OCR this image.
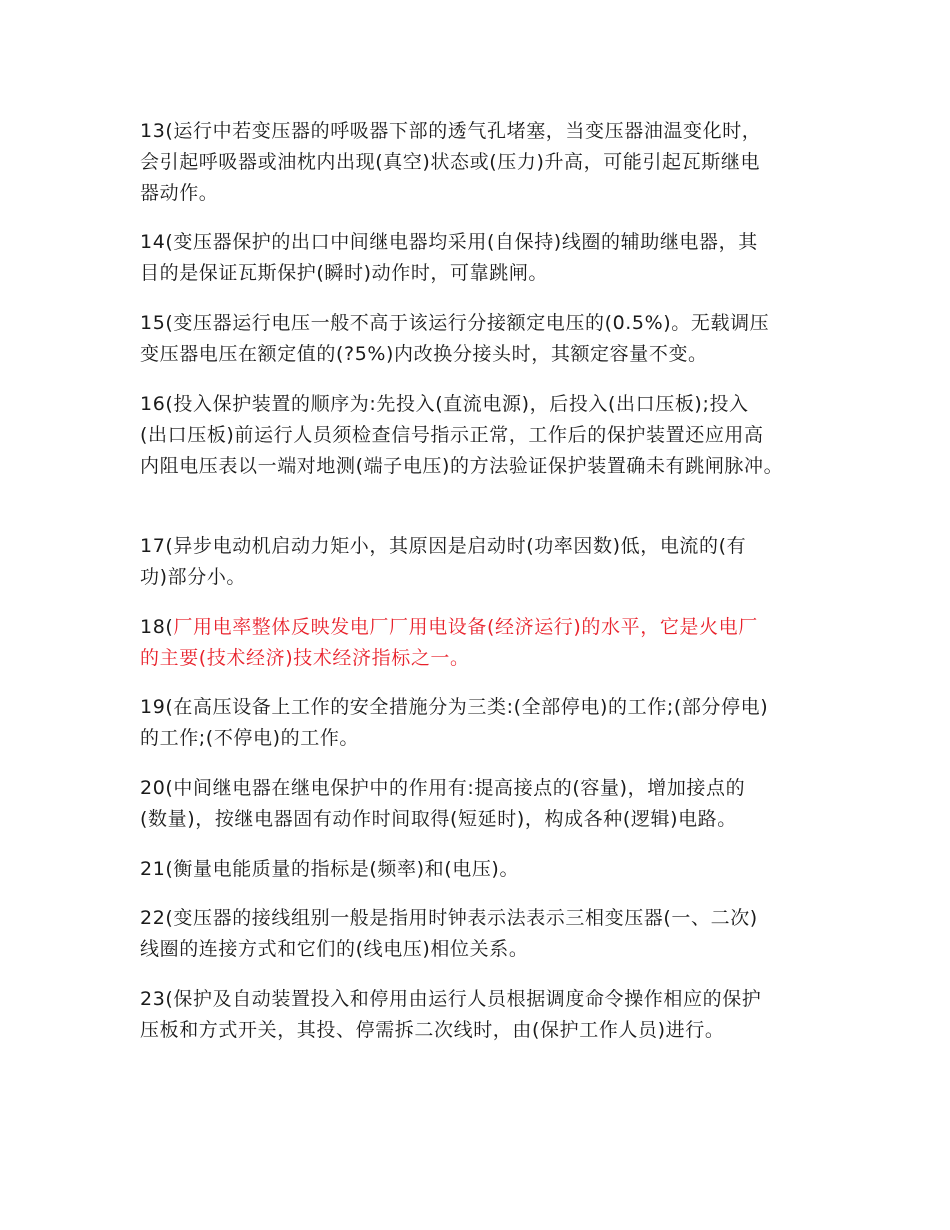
13(运行中若变压器的呼吸器下部的透气孔堵塞，当变压器油温变化时，
会引起呼吸器或油枕内出现(真空)状态或(压力)升高，可能引起瓦斯继电
器动作。

14(变压器保护的出口中间继电器均采用(自保持)线圈的辅助继电器，其
目的是保证瓦斯保护(瞬时)动作时，可靠跳闸。

15(变压器运行电压一般不高于该运行分接额定电压的(0.5%)。无载调压
变压器电压在额定值的(?5%)内改换分接头时，其额定容量不变。

16(投入保护装置的顺序为:先投入(直流电源)，后投入(出口压板);投入
(出口压板)前运行人员须检查信号指示正常，工作后的保护装置还应用高
内阻电压表以一端对地测(端子电压)的方法验证保护装置确未有跳闸脉冲。

17(异步电动机启动力矩小，其原因是启动时(功率因数)低，电流的(有
功)部分小。

18(厂用电率整体反映发电厂厂用电设备(经济运行)的水平，它是火电厂
的主要(技术经济)技术经济指标之一。

19(在高压设备上工作的安全措施分为三类:(全部停电)的工作;(部分停电)
的工作;(不停电)的工作。

20(中间继电器在继电保护中的作用有:提高接点的(容量)，增加接点的
(数量)，按继电器固有动作时间取得(短延时)，构成各种(逻辑)电路。

21(衡量电能质量的指标是(频率)和(电压)。

22(变压器的接线组别一般是指用时钟表示法表示三相变压器(一、二次)
线圈的连接方式和它们的(线电压)相位关系。

23(保护及自动装置投入和停用由运行人员根据调度命令操作相应的保护
压板和方式开关，其投、停需拆二次线时，由(保护工作人员)进行。
